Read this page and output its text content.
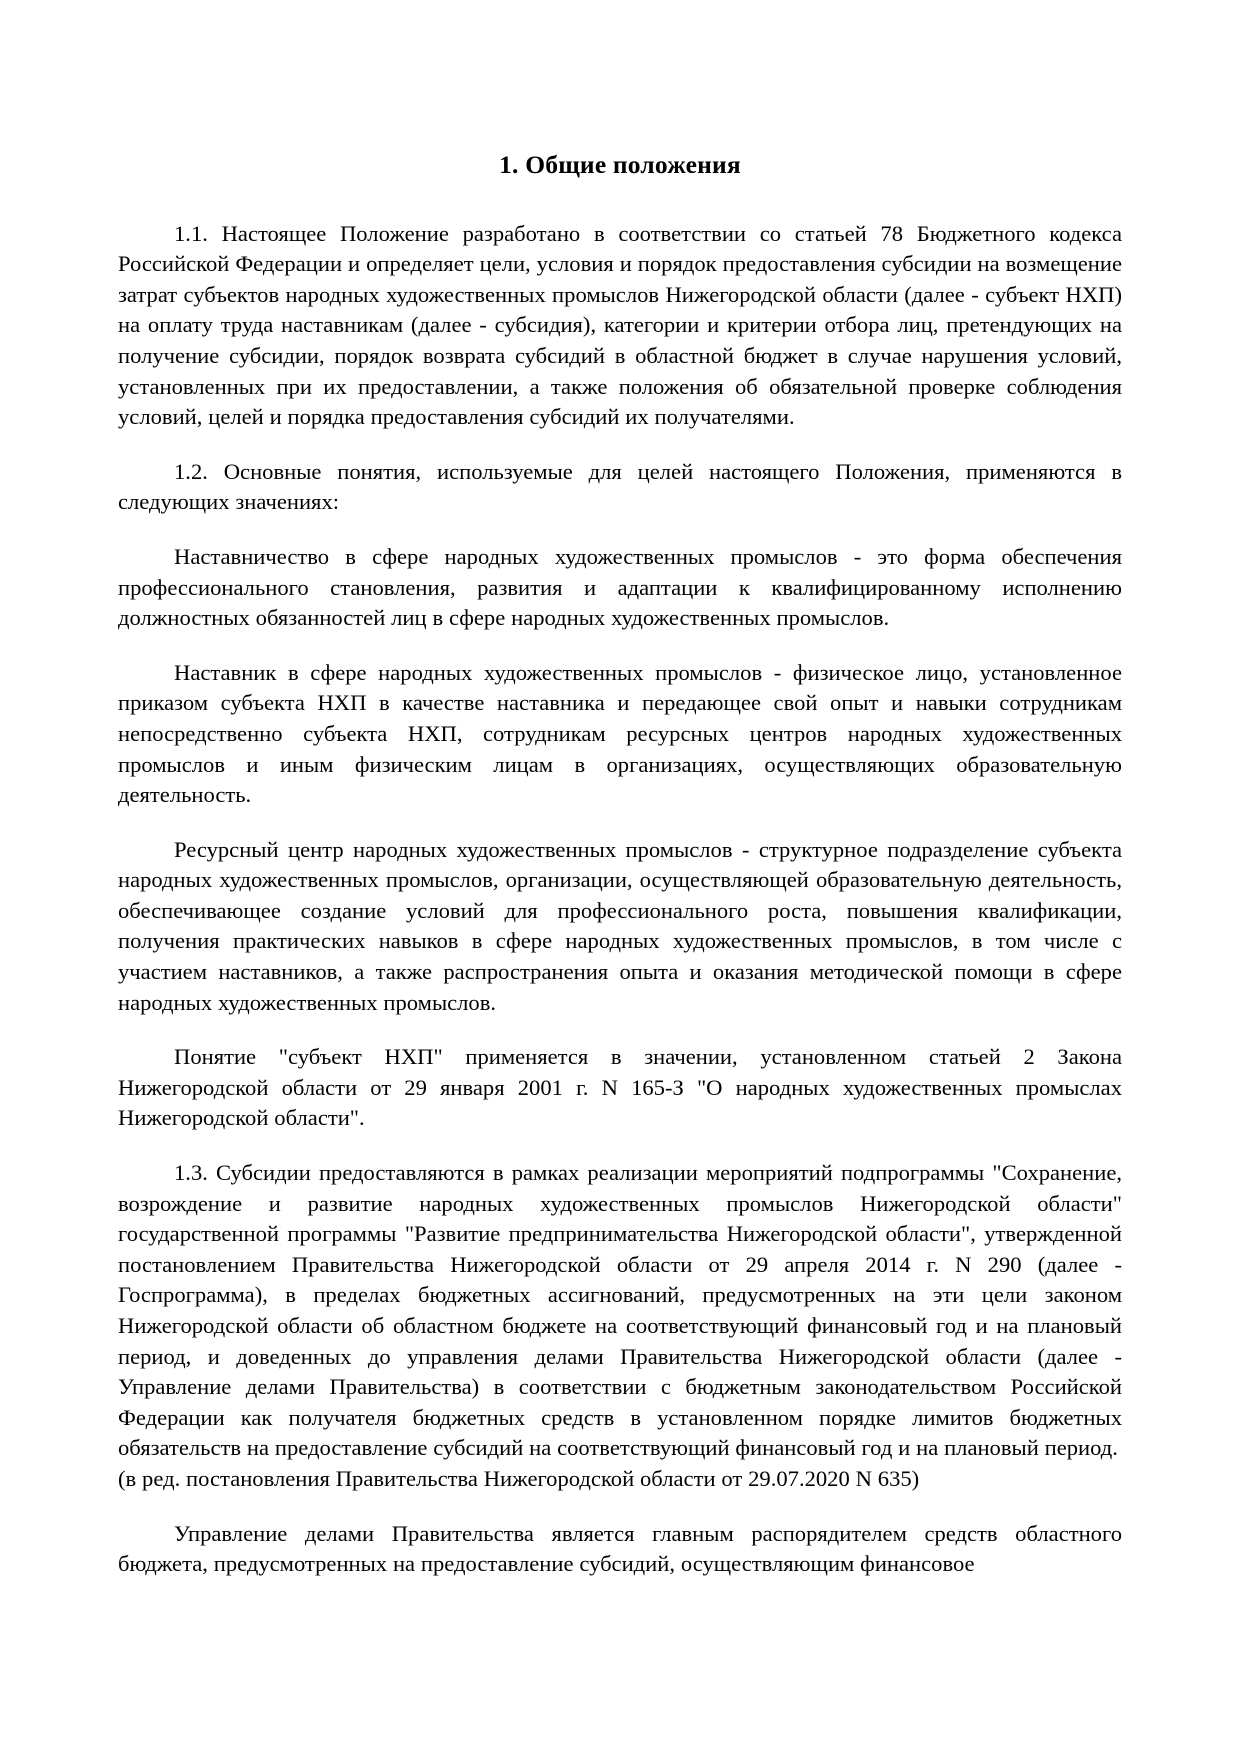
1. Общие положения

1.1. Настоящее Положение разработано в соответствии со статьей 78 Бюджетного кодекса Российской Федерации и определяет цели, условия и порядок предоставления субсидии на возмещение затрат субъектов народных художественных промыслов Нижегородской области (далее - субъект НХП) на оплату труда наставникам (далее - субсидия), категории и критерии отбора лиц, претендующих на получение субсидии, порядок возврата субсидий в областной бюджет в случае нарушения условий, установленных при их предоставлении, а также положения об обязательной проверке соблюдения условий, целей и порядка предоставления субсидий их получателями.

1.2. Основные понятия, используемые для целей настоящего Положения, применяются в следующих значениях:

Наставничество в сфере народных художественных промыслов - это форма обеспечения профессионального становления, развития и адаптации к квалифицированному исполнению должностных обязанностей лиц в сфере народных художественных промыслов.

Наставник в сфере народных художественных промыслов - физическое лицо, установленное приказом субъекта НХП в качестве наставника и передающее свой опыт и навыки сотрудникам непосредственно субъекта НХП, сотрудникам ресурсных центров народных художественных промыслов и иным физическим лицам в организациях, осуществляющих образовательную деятельность.

Ресурсный центр народных художественных промыслов - структурное подразделение субъекта народных художественных промыслов, организации, осуществляющей образовательную деятельность, обеспечивающее создание условий для профессионального роста, повышения квалификации, получения практических навыков в сфере народных художественных промыслов, в том числе с участием наставников, а также распространения опыта и оказания методической помощи в сфере народных художественных промыслов.

Понятие "субъект НХП" применяется в значении, установленном статьей 2 Закона Нижегородской области от 29 января 2001 г. N 165-З "О народных художественных промыслах Нижегородской области".

1.3. Субсидии предоставляются в рамках реализации мероприятий подпрограммы "Сохранение, возрождение и развитие народных художественных промыслов Нижегородской области" государственной программы "Развитие предпринимательства Нижегородской области", утвержденной постановлением Правительства Нижегородской области от 29 апреля 2014 г. N 290 (далее - Госпрограмма), в пределах бюджетных ассигнований, предусмотренных на эти цели законом Нижегородской области об областном бюджете на соответствующий финансовый год и на плановый период, и доведенных до управления делами Правительства Нижегородской области (далее - Управление делами Правительства) в соответствии с бюджетным законодательством Российской Федерации как получателя бюджетных средств в установленном порядке лимитов бюджетных обязательств на предоставление субсидий на соответствующий финансовый год и на плановый период.

(в ред. постановления Правительства Нижегородской области от 29.07.2020 N 635)

Управление делами Правительства является главным распорядителем средств областного бюджета, предусмотренных на предоставление субсидий, осуществляющим финансовое
